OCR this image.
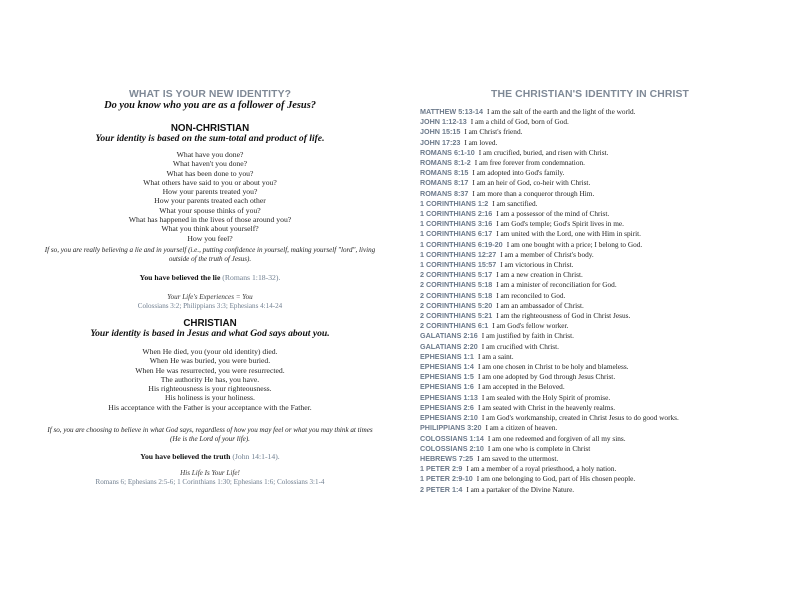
WHAT IS YOUR NEW IDENTITY?
Do you know who you are as a follower of Jesus?
NON-CHRISTIAN
Your identity is based on the sum-total and product of life.
What have you done?
What haven't you done?
What has been done to you?
What others have said to you or about you?
How your parents treated you?
How your parents treated each other
What your spouse thinks of you?
What has happened in the lives of those around you?
What you think about yourself?
How you feel?
If so, you are really believing a lie and in yourself (i.e., putting confidence in yourself, making yourself "lord", living outside of the truth of Jesus).
You have believed the lie (Romans 1:18-32).
Your Life's Experiences = You
Colossians 3:2; Philippians 3:3; Ephesians 4:14-24
CHRISTIAN
Your identity is based in Jesus and what God says about you.
When He died, you (your old identity) died.
When He was buried, you were buried.
When He was resurrected, you were resurrected.
The authority He has, you have.
His righteousness is your righteousness.
His holiness is your holiness.
His acceptance with the Father is your acceptance with the Father.
If so, you are choosing to believe in what God says, regardless of how you may feel or what you may think at times (He is the Lord of your life).
You have believed the truth (John 14:1-14).
His Life Is Your Life!
Romans 6; Ephesians 2:5-6; 1 Corinthians 1:30; Ephesians 1:6; Colossians 3:1-4
THE CHRISTIAN'S IDENTITY IN CHRIST
MATTHEW 5:13-14 I am the salt of the earth and the light of the world.
JOHN 1:12-13 I am a child of God, born of God.
JOHN 15:15 I am Christ's friend.
JOHN 17:23 I am loved.
ROMANS 6:1-10 I am crucified, buried, and risen with Christ.
ROMANS 8:1-2 I am free forever from condemnation.
ROMANS 8:15 I am adopted into God's family.
ROMANS 8:17 I am an heir of God, co-heir with Christ.
ROMANS 8:37 I am more than a conqueror through Him.
1 CORINTHIANS 1:2 I am sanctified.
1 CORINTHIANS 2:16 I am a possessor of the mind of Christ.
1 CORINTHIANS 3:16 I am God's temple; God's Spirit lives in me.
1 CORINTHIANS 6:17 I am united with the Lord, one with Him in spirit.
1 CORINTHIANS 6:19-20 I am one bought with a price; I belong to God.
1 CORINTHIANS 12:27 I am a member of Christ's body.
1 CORINTHIANS 15:57 I am victorious in Christ.
2 CORINTHIANS 5:17 I am a new creation in Christ.
2 CORINTHIANS 5:18 I am a minister of reconciliation for God.
2 CORINTHIANS 5:18 I am reconciled to God.
2 CORINTHIANS 5:20 I am an ambassador of Christ.
2 CORINTHIANS 5:21 I am the righteousness of God in Christ Jesus.
2 CORINTHIANS 6:1 I am God's fellow worker.
GALATIANS 2:16 I am justified by faith in Christ.
GALATIANS 2:20 I am crucified with Christ.
EPHESIANS 1:1 I am a saint.
EPHESIANS 1:4 I am one chosen in Christ to be holy and blameless.
EPHESIANS 1:5 I am one adopted by God through Jesus Christ.
EPHESIANS 1:6 I am accepted in the Beloved.
EPHESIANS 1:13 I am sealed with the Holy Spirit of promise.
EPHESIANS 2:6 I am seated with Christ in the heavenly realms.
EPHESIANS 2:10 I am God's workmanship, created in Christ Jesus to do good works.
PHILIPPIANS 3:20 I am a citizen of heaven.
COLOSSIANS 1:14 I am one redeemed and forgiven of all my sins.
COLOSSIANS 2:10 I am one who is complete in Christ
HEBREWS 7:25 I am saved to the uttermost.
1 PETER 2:9 I am a member of a royal priesthood, a holy nation.
1 PETER 2:9-10 I am one belonging to God, part of His chosen people.
2 PETER 1:4 I am a partaker of the Divine Nature.
